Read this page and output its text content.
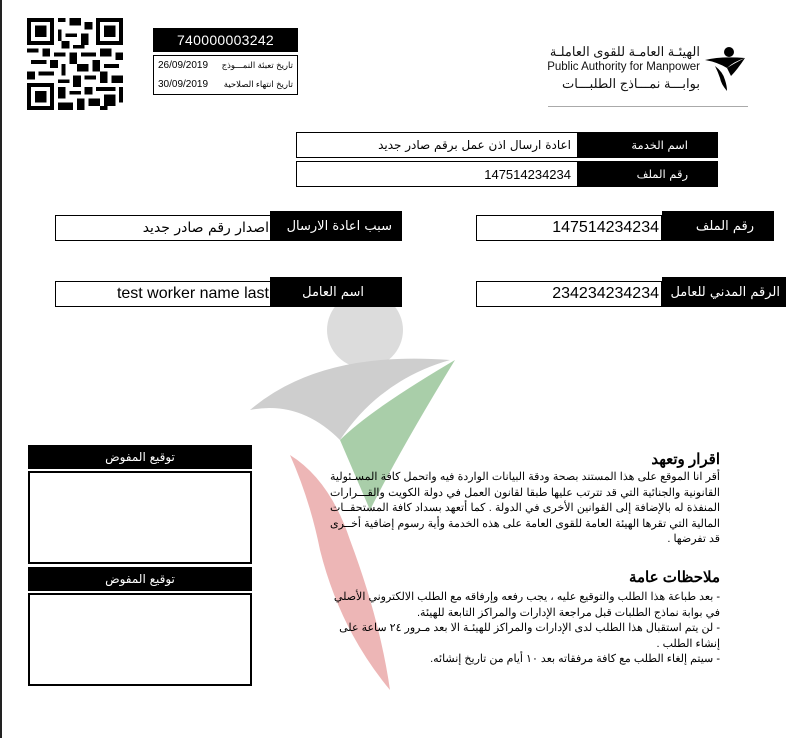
740000003242
تاريخ تعبئة النمـــوذج
26/09/2019
تاريخ انتهاء الصلاحية
30/09/2019
الهيئـة العامـة للقوى العاملـة
Public Authority for Manpower
بوابـــة نمـــاذج الطلبـــات
اعادة ارسال اذن عمل برقم صادر جديد	اسم الخدمة
147514234234	رقم الملف
147514234234	رقم الملف
اصدار رقم صادر جديد	سبب اعادة الارسال
234234234234 الرقم المدني للعامل
test worker name last	اسم العامل
توقيع المفوض
توقيع المفوض
اقرار وتعهد

أقر انا الموقع على هذا المستند بصحة ودقة البيانات الواردة فيه واتحمل كافة المسـئولية القانونية والجنائية التي قد تترتب عليها طبقا لقانون العمل في دولة الكويت والقـــرارات المنفذة له بالإضافة إلى القوانين الأخرى في الدولة . كما أتعهد بسداد كافة المستحقــات المالية التي تقرها الهيئة العامة للقوى العامة على هذه الخدمة وأية رسوم إضافية أخــرى قد تفرضها .

ملاحظات عامة
- بعد طباعة هذا الطلب والتوقيع عليه ، يجب رفعه وإرفاقه مع الطلب الالكتروني الأصلي في بوابة نماذج الطلبات قبل مراجعة الإدارات والمراكز التابعة للهيئة.
- لن يتم استقبال هذا الطلب لدى الإدارات والمراكز للهيئـة الا بعد مـرور ٢٤ ساعة على إنشاء الطلب .
- سيتم إلغاء الطلب مع كافة مرفقاته بعد ١٠ أيام من تاريخ إنشائه.
